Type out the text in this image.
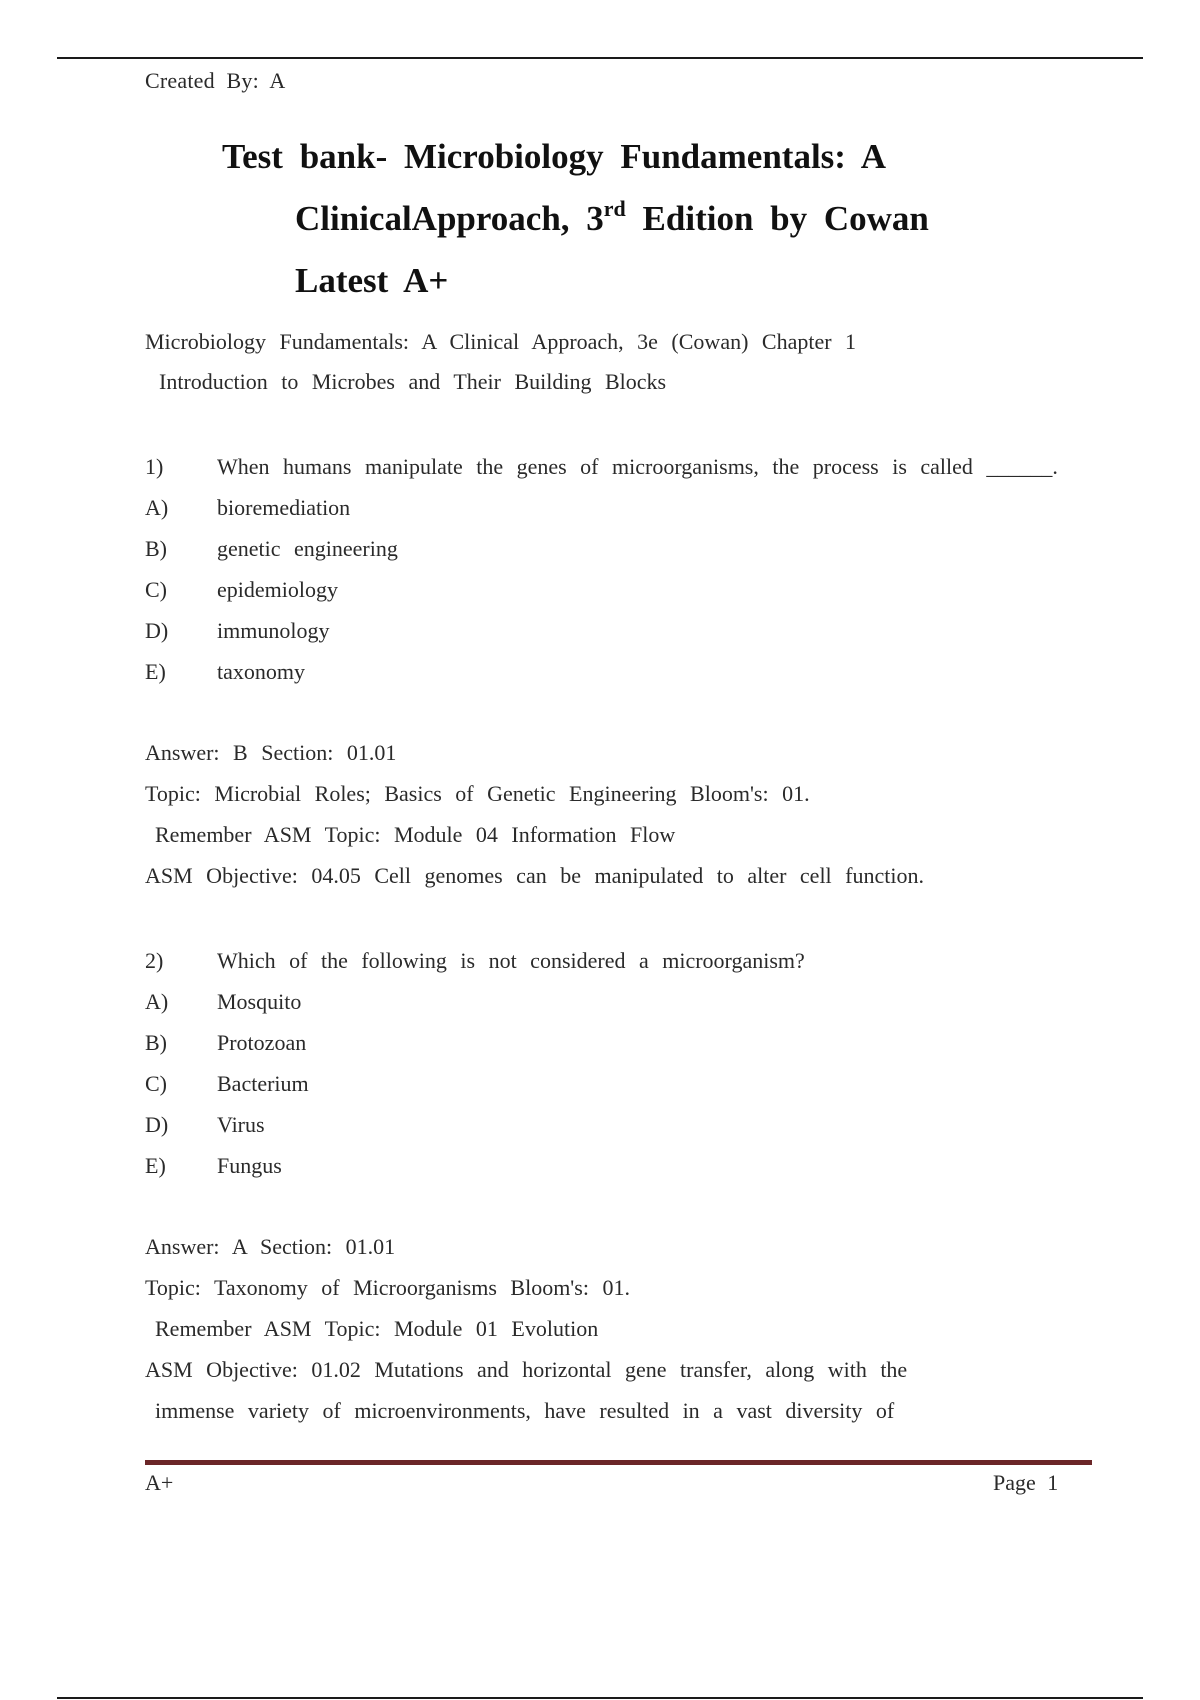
Created By: A
Test bank- Microbiology Fundamentals: A
ClinicalApproach, 3rd Edition by Cowan
Latest A+
Microbiology Fundamentals: A Clinical Approach, 3e (Cowan) Chapter 1
Introduction to Microbes and Their Building Blocks
1)	When humans manipulate the genes of microorganisms, the process is called ______.
A)	bioremediation
B)	genetic engineering
C)	epidemiology
D)	immunology
E)	taxonomy
Answer: B Section: 01.01
Topic: Microbial Roles; Basics of Genetic Engineering Bloom's: 01.
Remember ASM Topic: Module 04 Information Flow
ASM Objective: 04.05 Cell genomes can be manipulated to alter cell function.
2)	Which of the following is not considered a microorganism?
A)	Mosquito
B)	Protozoan
C)	Bacterium
D)	Virus
E)	Fungus
Answer: A Section: 01.01
Topic: Taxonomy of Microorganisms Bloom's: 01.
Remember ASM Topic: Module 01 Evolution
ASM Objective: 01.02 Mutations and horizontal gene transfer, along with the
immense variety of microenvironments, have resulted in a vast diversity of
A+	Page 1
